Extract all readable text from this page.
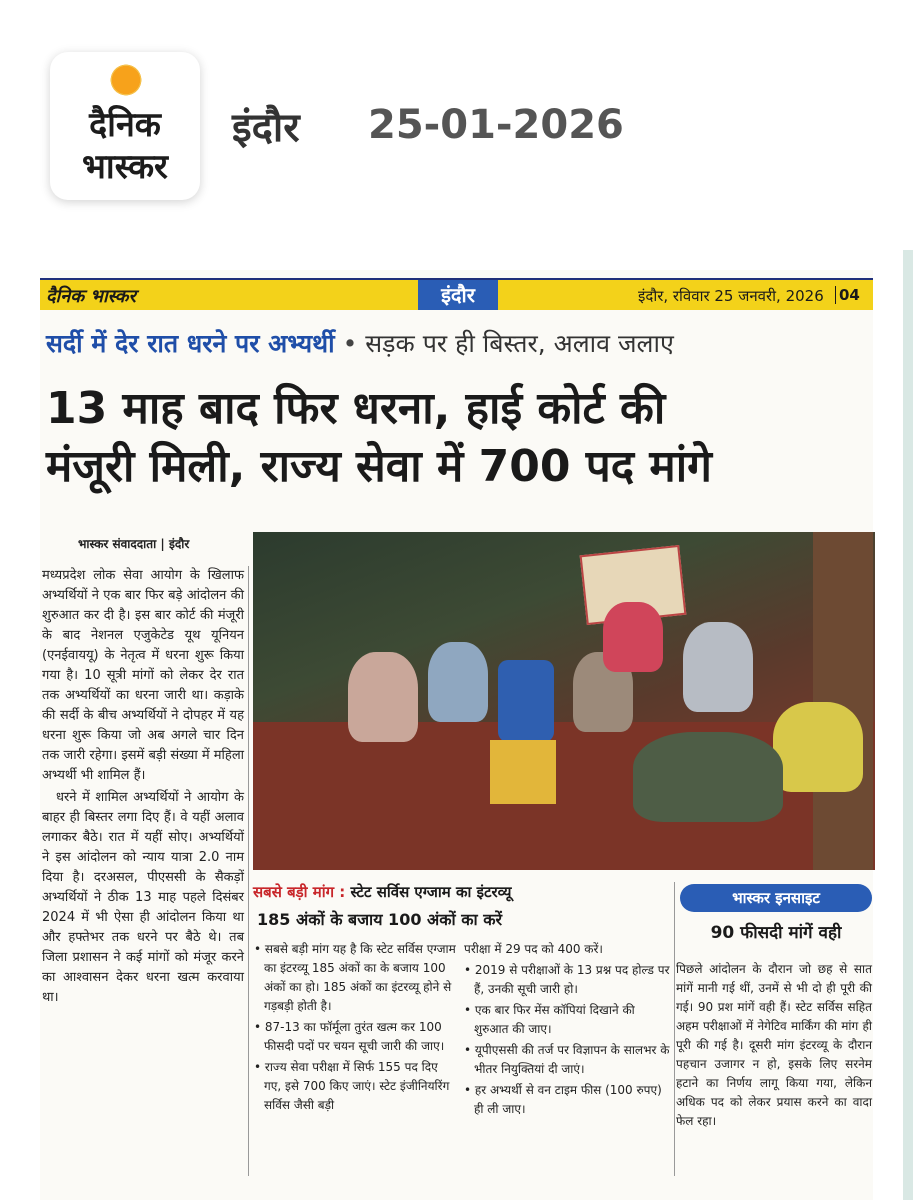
दैनिक
भास्कर
इंदौर 25-01-2026
दैनिक भास्कर	इंदौर	इंदौर, रविवार 25 जनवरी, 2026 04
सर्दी में देर रात धरने पर अभ्यर्थी • सड़क पर ही बिस्तर, अलाव जलाए
13 माह बाद फिर धरना, हाई कोर्ट की
मंजूरी मिली, राज्य सेवा में 700 पद मांगे
भास्कर संवाददाता | इंदौर

मध्यप्रदेश लोक सेवा आयोग के खिलाफ अभ्यर्थियों ने एक बार फिर बड़े आंदोलन की शुरुआत कर दी है। इस बार कोर्ट की मंजूरी के बाद नेशनल एजुकेटेड यूथ यूनियन (एनईवाययू) के नेतृत्व में धरना शुरू किया गया है। 10 सूत्री मांगों को लेकर देर रात तक अभ्यर्थियों का धरना जारी था। कड़ाके की सर्दी के बीच अभ्यर्थियों ने दोपहर में यह धरना शुरू किया जो अब अगले चार दिन तक जारी रहेगा। इसमें बड़ी संख्या में महिला अभ्यर्थी भी शामिल हैं।

धरने में शामिल अभ्यर्थियों ने आयोग के बाहर ही बिस्तर लगा दिए हैं। वे यहीं अलाव लगाकर बैठे। रात में यहीं सोए। अभ्यर्थियों ने इस आंदोलन को न्याय यात्रा 2.0 नाम दिया है। दरअसल, पीएससी के सैकड़ों अभ्यर्थियों ने ठीक 13 माह पहले दिसंबर 2024 में भी ऐसा ही आंदोलन किया था और हफ्तेभर तक धरने पर बैठे थे। तब जिला प्रशासन ने कई मांगों को मंजूर करने का आश्वासन देकर धरना खत्म करवाया था।

सबसे बड़ी मांग : स्टेट सर्विस एग्जाम का इंटरव्यू
185 अंकों के बजाय 100 अंकों का करें
• सबसे बड़ी मांग यह है कि स्टेट सर्विस एग्जाम का इंटरव्यू 185 अंकों का के बजाय 100 अंकों का हो। 185 अंकों का इंटरव्यू होने से गड़बड़ी होती है।
• 87-13 का फॉर्मूला तुरंत खत्म कर 100 फीसदी पदों पर चयन सूची जारी की जाए।
• राज्य सेवा परीक्षा में सिर्फ 155 पद दिए गए, इसे 700 किए जाएं। स्टेट इंजीनियरिंग सर्विस जैसी बड़ी
परीक्षा में 29 पद को 400 करें।
• 2019 से परीक्षाओं के 13 प्रश्न पद होल्ड पर हैं, उनकी सूची जारी हो।
• एक बार फिर मेंस कॉपियां दिखाने की शुरुआत की जाए।
• यूपीएससी की तर्ज पर विज्ञापन के सालभर के भीतर नियुक्तियां दी जाएं।
• हर अभ्यर्थी से वन टाइम फीस (100 रुपए) ही ली जाए।
भास्कर इनसाइट
90 फीसदी मांगें वही
पिछले आंदोलन के दौरान जो छह से सात मांगें मानी गई थीं, उनमें से भी दो ही पूरी की गई। 90 प्रश मांगें वही हैं। स्टेट सर्विस सहित अहम परीक्षाओं में नेगेटिव मार्किंग की मांग ही पूरी की गई है। दूसरी मांग इंटरव्यू के दौरान पहचान उजागर न हो, इसके लिए सरनेम हटाने का निर्णय लागू किया गया, लेकिन अधिक पद को लेकर प्रयास करने का वादा फेल रहा।
